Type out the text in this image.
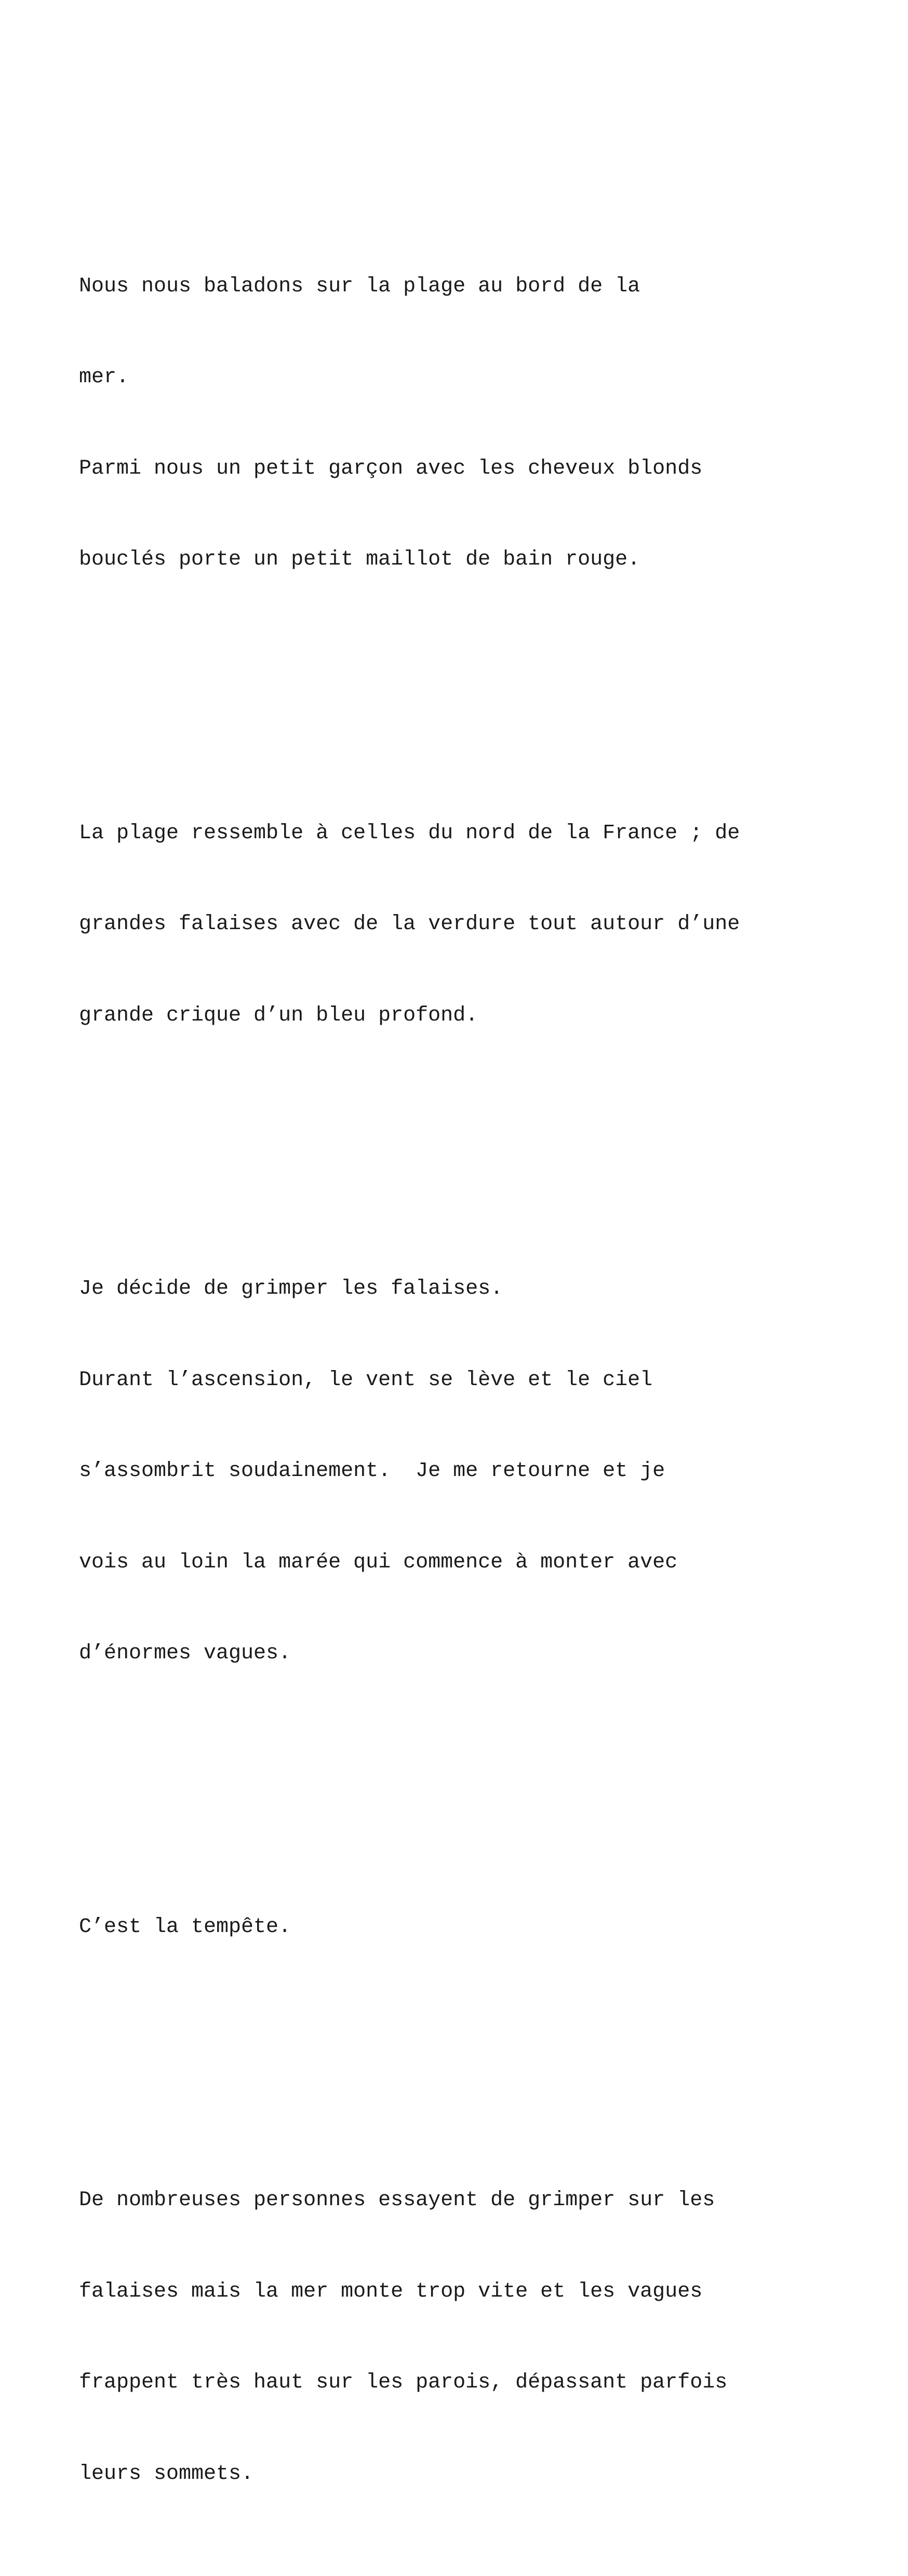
Nous nous baladons sur la plage au bord de la

mer.

Parmi nous un petit garçon avec les cheveux blonds

bouclés porte un petit maillot de bain rouge.

La plage ressemble à celles du nord de la France ; de

grandes falaises avec de la verdure tout autour d’une

grande crique d’un bleu profond.

Je décide de grimper les falaises.

Durant l’ascension, le vent se lève et le ciel

s’assombrit soudainement.  Je me retourne et je

vois au loin la marée qui commence à monter avec

d’énormes vagues.

C’est la tempête.

De nombreuses personnes essayent de grimper sur les

falaises mais la mer monte trop vite et les vagues

frappent très haut sur les parois, dépassant parfois

leurs sommets.
